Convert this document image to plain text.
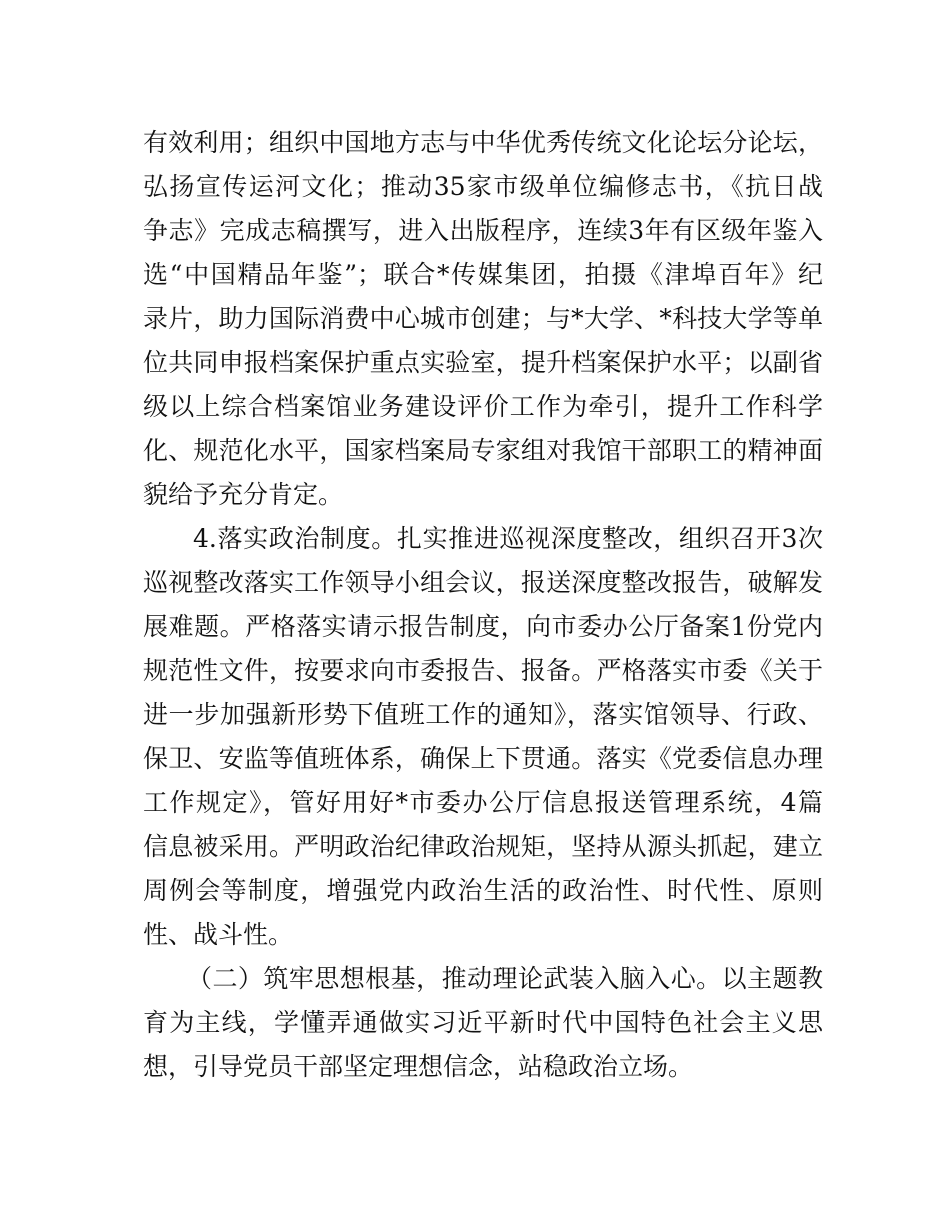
有效利用；组织中国地方志与中华优秀传统文化论坛分论坛，
弘扬宣传运河文化；推动35家市级单位编修志书，《抗日战
争志》完成志稿撰写，进入出版程序，连续3年有区级年鉴入
选“中国精品年鉴”；联合*传媒集团，拍摄《津埠百年》纪
录片，助力国际消费中心城市创建；与*大学、*科技大学等单
位共同申报档案保护重点实验室，提升档案保护水平；以副省
级以上综合档案馆业务建设评价工作为牵引，提升工作科学
化、规范化水平，国家档案局专家组对我馆干部职工的精神面
貌给予充分肯定。
4.落实政治制度。扎实推进巡视深度整改，组织召开3次
巡视整改落实工作领导小组会议，报送深度整改报告，破解发
展难题。严格落实请示报告制度，向市委办公厅备案1份党内
规范性文件，按要求向市委报告、报备。严格落实市委《关于
进一步加强新形势下值班工作的通知》，落实馆领导、行政、
保卫、安监等值班体系，确保上下贯通。落实《党委信息办理
工作规定》，管好用好*市委办公厅信息报送管理系统，4篇
信息被采用。严明政治纪律政治规矩，坚持从源头抓起，建立
周例会等制度，增强党内政治生活的政治性、时代性、原则
性、战斗性。
（二）筑牢思想根基，推动理论武装入脑入心。以主题教
育为主线，学懂弄通做实习近平新时代中国特色社会主义思
想，引导党员干部坚定理想信念，站稳政治立场。
